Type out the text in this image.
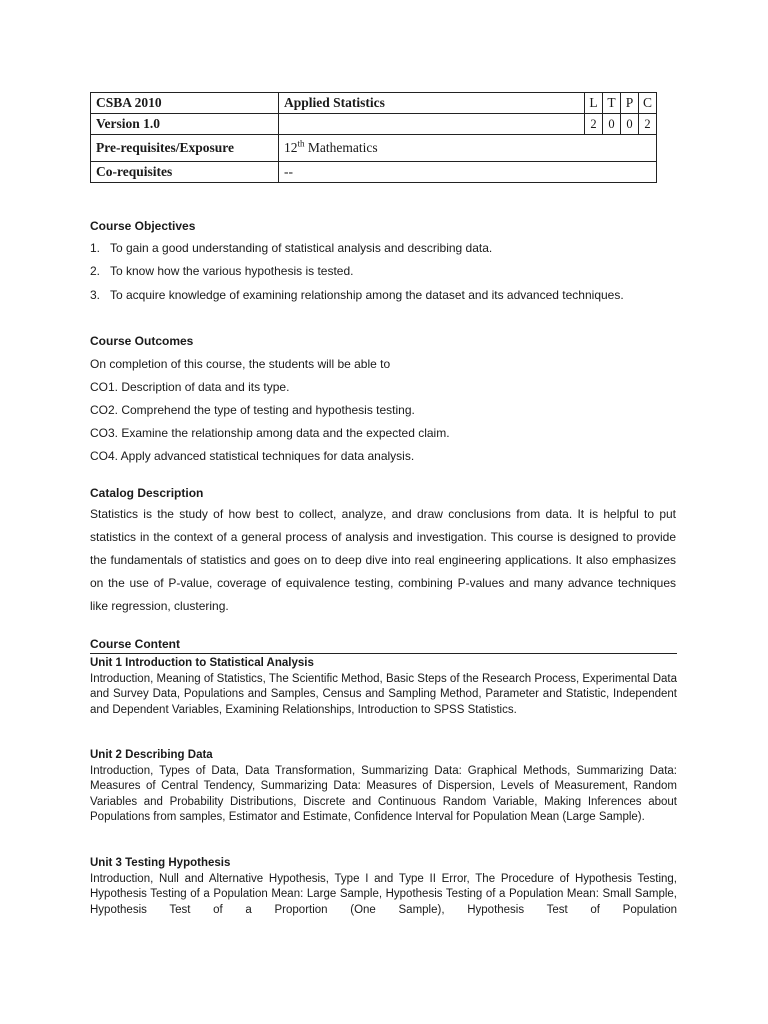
CSBA 2010	Applied Statistics	L	T	P	C
Version 1.0		2	0	0	2
Pre-requisites/Exposure	12th Mathematics				
Co-requisites	--				
Course Objectives
1. To gain a good understanding of statistical analysis and describing data.
2. To know how the various hypothesis is tested.
3. To acquire knowledge of examining relationship among the dataset and its advanced techniques.
Course Outcomes
On completion of this course, the students will be able to
CO1. Description of data and its type.
CO2. Comprehend the type of testing and hypothesis testing.
CO3. Examine the relationship among data and the expected claim.
CO4. Apply advanced statistical techniques for data analysis.
Catalog Description
Statistics is the study of how best to collect, analyze, and draw conclusions from data. It is helpful to put statistics in the context of a general process of analysis and investigation. This course is designed to provide the fundamentals of statistics and goes on to deep dive into real engineering applications. It also emphasizes on the use of P-value, coverage of equivalence testing, combining P-values and many advance techniques like regression, clustering.
Course Content
Unit 1 Introduction to Statistical Analysis
Introduction, Meaning of Statistics, The Scientific Method, Basic Steps of the Research Process, Experimental Data and Survey Data, Populations and Samples, Census and Sampling Method, Parameter and Statistic, Independent and Dependent Variables, Examining Relationships, Introduction to SPSS Statistics.
Unit 2 Describing Data
Introduction, Types of Data, Data Transformation, Summarizing Data: Graphical Methods, Summarizing Data: Measures of Central Tendency, Summarizing Data: Measures of Dispersion, Levels of Measurement, Random Variables and Probability Distributions, Discrete and Continuous Random Variable, Making Inferences about Populations from samples, Estimator and Estimate, Confidence Interval for Population Mean (Large Sample).
Unit 3 Testing Hypothesis
Introduction, Null and Alternative Hypothesis, Type I and Type II Error, The Procedure of Hypothesis Testing, Hypothesis Testing of a Population Mean: Large Sample, Hypothesis Testing of a Population Mean: Small Sample, Hypothesis Test of a Proportion (One Sample), Hypothesis Test of Population
